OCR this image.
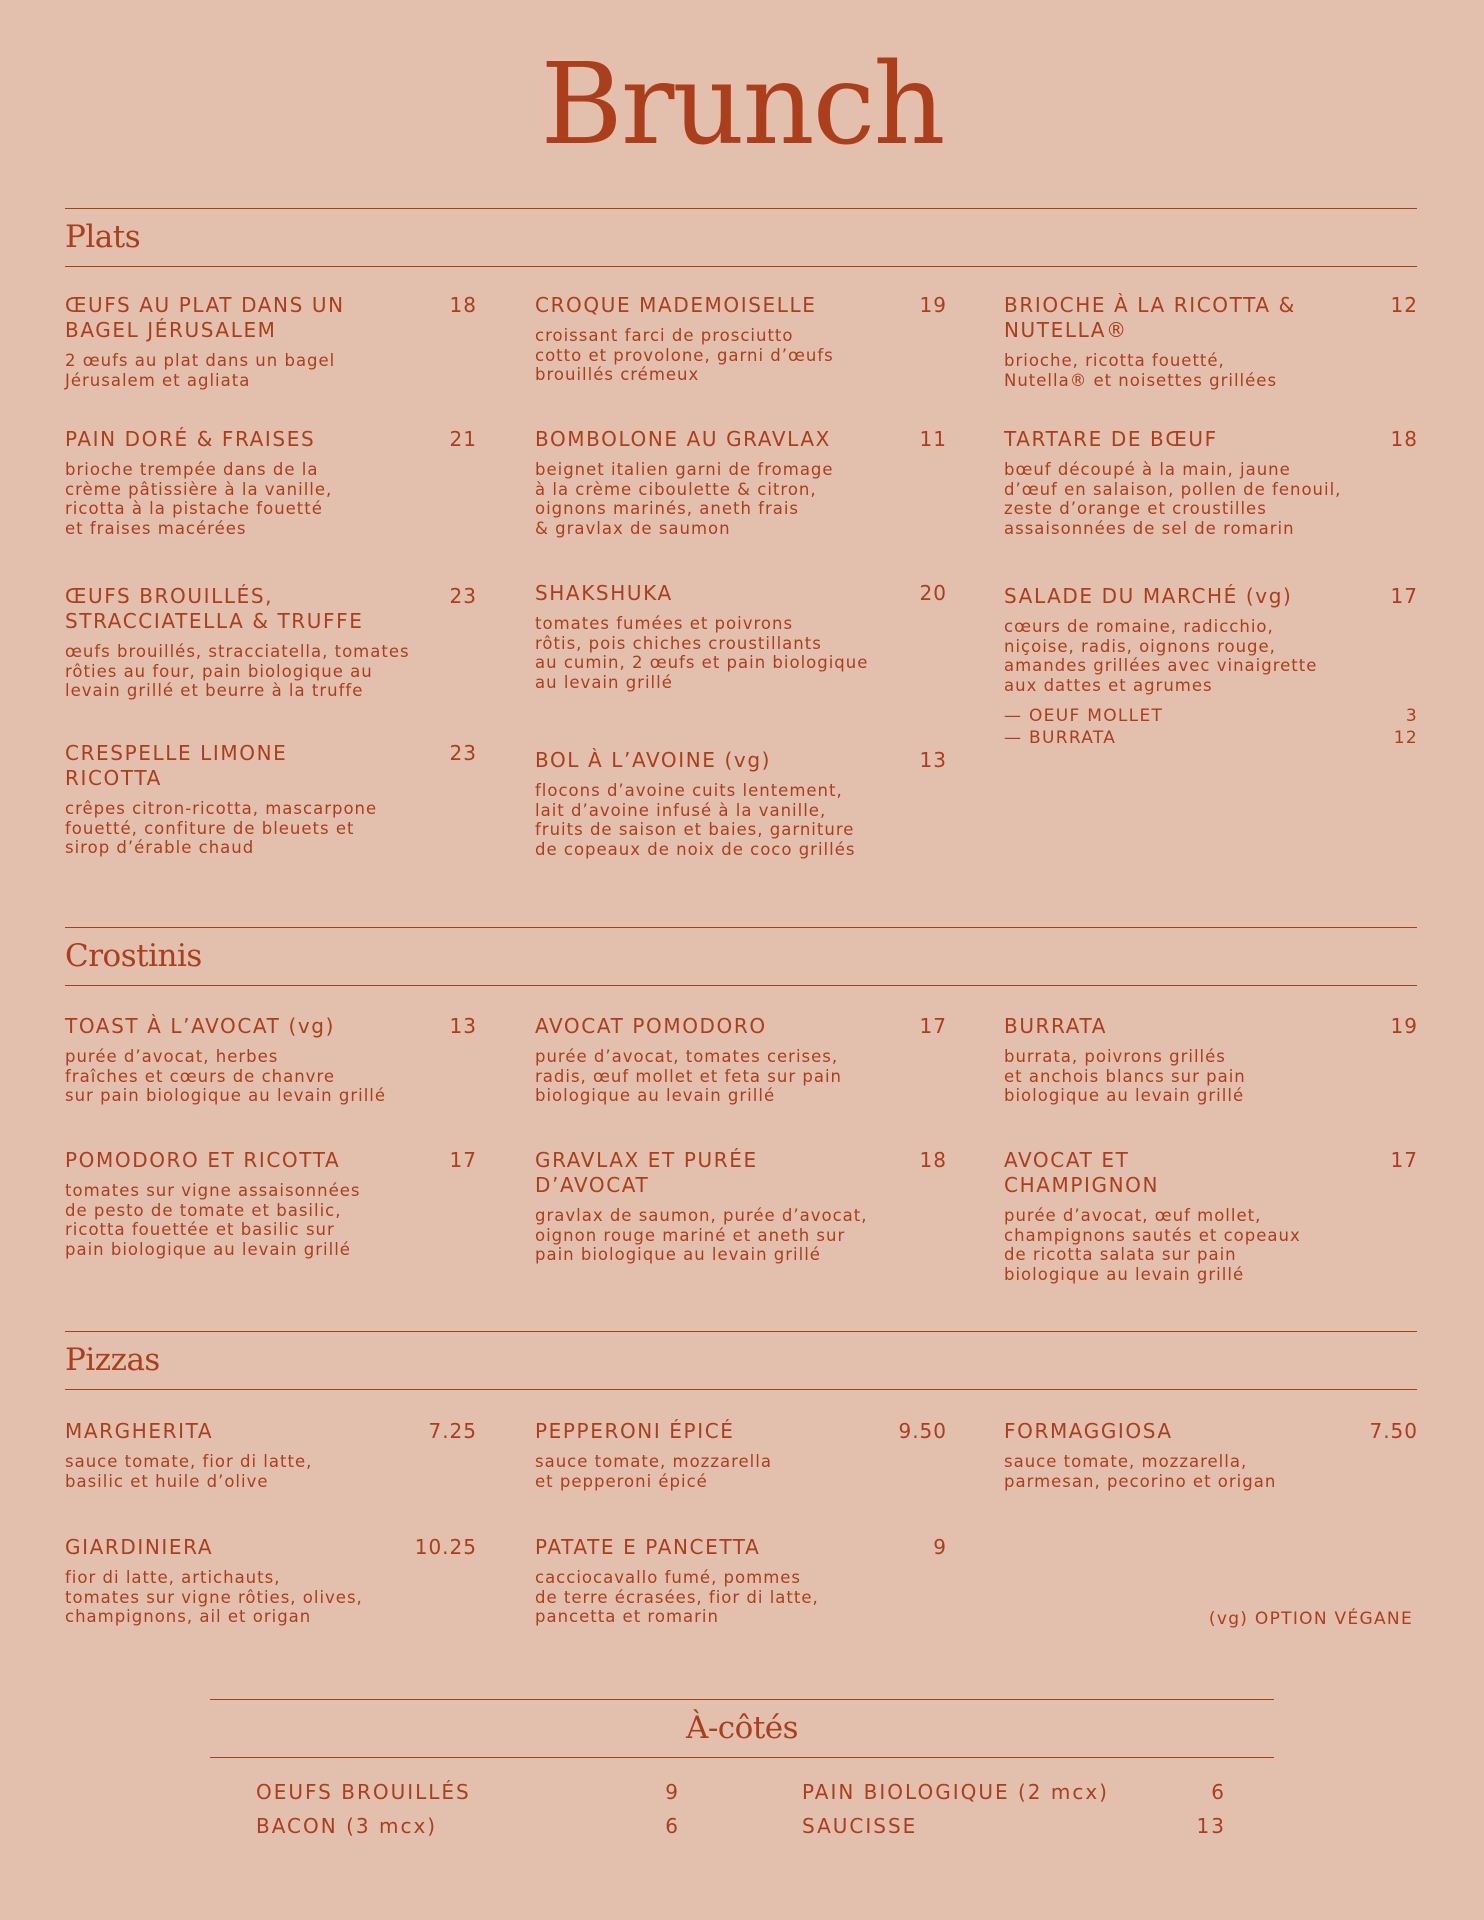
Brunch
Plats
ŒUFS AU PLAT DANS UN BAGEL JÉRUSALEM
18
2 œufs au plat dans un bagel
Jérusalem et agliata
PAIN DORÉ & FRAISES	21
brioche trempée dans de la
crème pâtissière à la vanille,
ricotta à la pistache fouetté
et fraises macérées
ŒUFS BROUILLÉS, STRACCIATELLA & TRUFFE
23
œufs brouillés, stracciatella, tomates
rôties au four, pain biologique au
levain grillé et beurre à la truffe
CRESPELLE LIMONE RICOTTA
23
crêpes citron-ricotta, mascarpone
fouetté, confiture de bleuets et
sirop d’érable chaud
CROQUE MADEMOISELLE	19
croissant farci de prosciutto
cotto et provolone, garni d’œufs
brouillés crémeux
BOMBOLONE AU GRAVLAX	11
beignet italien garni de fromage
à la crème ciboulette & citron,
oignons marinés, aneth frais
& gravlax de saumon
SHAKSHUKA	20
tomates fumées et poivrons
rôtis, pois chiches croustillants
au cumin, 2 œufs et pain biologique
au levain grillé
BOL À L’AVOINE (vg)	13
flocons d’avoine cuits lentement,
lait d’avoine infusé à la vanille,
fruits de saison et baies, garniture
de copeaux de noix de coco grillés
BRIOCHE À LA RICOTTA & NUTELLA®
12
brioche, ricotta fouetté,
Nutella® et noisettes grillées
TARTARE DE BŒUF	18
bœuf découpé à la main, jaune
d’œuf en salaison, pollen de fenouil,
zeste d’orange et croustilles
assaisonnées de sel de romarin
SALADE DU MARCHÉ (vg)	17
cœurs de romaine, radicchio,
niçoise, radis, oignons rouge,
amandes grillées avec vinaigrette
aux dattes et agrumes
— OEUF MOLLET	3
— BURRATA	12
Crostinis
TOAST À L’AVOCAT (vg)	13
purée d’avocat, herbes
fraîches et cœurs de chanvre
sur pain biologique au levain grillé
POMODORO ET RICOTTA	17
tomates sur vigne assaisonnées
de pesto de tomate et basilic,
ricotta fouettée et basilic sur
pain biologique au levain grillé
AVOCAT POMODORO	17
purée d’avocat, tomates cerises,
radis, œuf mollet et feta sur pain
biologique au levain grillé
GRAVLAX ET PURÉE D’AVOCAT
18
gravlax de saumon, purée d’avocat,
oignon rouge mariné et aneth sur
pain biologique au levain grillé
BURRATA	19
burrata, poivrons grillés
et anchois blancs sur pain
biologique au levain grillé
AVOCAT ET CHAMPIGNON
17
purée d’avocat, œuf mollet,
champignons sautés et copeaux
de ricotta salata sur pain
biologique au levain grillé
Pizzas
MARGHERITA	7.25
sauce tomate, fior di latte,
basilic et huile d’olive
GIARDINIERA	10.25
fior di latte, artichauts,
tomates sur vigne rôties, olives,
champignons, ail et origan
PEPPERONI ÉPICÉ	9.50
sauce tomate, mozzarella
et pepperoni épicé
PATATE E PANCETTA	9
cacciocavallo fumé, pommes
de terre écrasées, fior di latte,
pancetta et romarin
FORMAGGIOSA	7.50
sauce tomate, mozzarella,
parmesan, pecorino et origan
(vg) OPTION VÉGANE
À-côtés
OEUFS BROUILLÉS	9
BACON (3 mcx)	6
PAIN BIOLOGIQUE (2 mcx)	6
SAUCISSE	13
